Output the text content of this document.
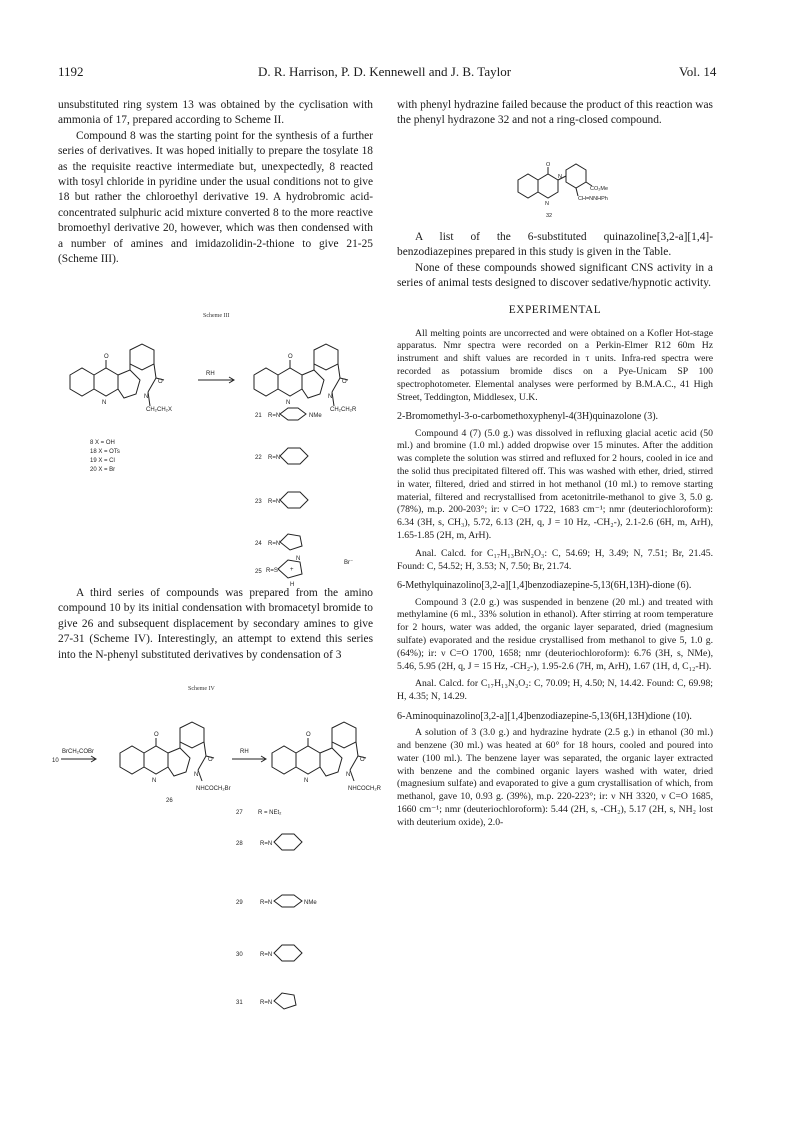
1192	D. R. Harrison, P. D. Kennewell and J. B. Taylor	Vol. 14

unsubstituted ring system 13 was obtained by the cyclisation with ammonia of 17, prepared according to Scheme II.

Compound 8 was the starting point for the synthesis of a further series of derivatives. It was hoped initially to prepare the tosylate 18 as the requisite reactive intermediate but, unexpectedly, 8 reacted with tosyl chloride in pyridine under the usual conditions not to give 18 but rather the chloroethyl derivative 19. A hydrobromic acid-concentrated sulphuric acid mixture converted 8 to the more reactive bromoethyl derivative 20, however, which was then condensed with a number of amines and imidazolidin-2-thione to give 21-25 (Scheme III).

Scheme III
O	O
O	O
N
N
N
N
CH₂CH₂X	CH₂CH₂R
RH
8 X = OH
18 X = OTs
19 X = Cl
20 X = Br
21
22
23
24
25
R=N	NMe
R=N
R=N
R=N
R=S +
N
H
Br⁻

A third series of compounds was prepared from the amino compound 10 by its initial condensation with bromacetyl bromide to give 26 and subsequent displacement by secondary amines to give 27-31 (Scheme IV). Interestingly, an attempt to extend this series into the N-phenyl substituted derivatives by condensation of 3

Scheme IV
10
BrCH₂COBr	RH
O	O
O	O
N
N
N
N
NHCOCH₂Br	NHCOCH₂R
26
27	R = NEt₂
28	R=N
29	R=N	NMe
30	R=N
31	R=N

with phenyl hydrazine failed because the product of this reaction was the phenyl hydrazone 32 and not a ring-closed compound.

O
N
N
CO₂Me
CH=NNHPh
32

A list of the 6-substituted quinazoline[3,2-a][1,4]-benzodiazepines prepared in this study is given in the Table.

None of these compounds showed significant CNS activity in a series of animal tests designed to discover sedative/hypnotic activity.

EXPERIMENTAL

All melting points are uncorrected and were obtained on a Kofler Hot-stage apparatus. Nmr spectra were recorded on a Perkin-Elmer R12 60m Hz instrument and shift values are recorded in τ units. Infra-red spectra were recorded as potassium bromide discs on a Pye-Unicam SP 100 spectrophotometer. Elemental analyses were performed by B.M.A.C., 41 High Street, Teddington, Middlesex, U.K.

2-Bromomethyl-3-o-carbomethoxyphenyl-4(3H)quinazolone (3).

Compound 4 (7) (5.0 g.) was dissolved in refluxing glacial acetic acid (50 ml.) and bromine (1.0 ml.) added dropwise over 15 minutes. After the addition was complete the solution was stirred and refluxed for 2 hours, cooled in ice and the solid thus precipitated filtered off. This was washed with ether, dried, stirred in water, filtered, dried and stirred in hot methanol (10 ml.) to remove starting material, filtered and recrystallised from acetonitrile-methanol to give 3, 5.0 g. (78%), m.p. 200-203°; ir: ν C=O 1722, 1683 cm⁻¹; nmr (deuteriochloroform): 6.34 (3H, s, CH₃), 5.72, 6.13 (2H, q, J = 10 Hz, -CH₂-), 2.1-2.6 (6H, m, ArH), 1.65-1.85 (2H, m, ArH).

Anal. Calcd. for C₁₇H₁₃BrN₂O₃: C, 54.69; H, 3.49; N, 7.51; Br, 21.45. Found: C, 54.52; H, 3.53; N, 7.50; Br, 21.74.

6-Methylquinazolino[3,2-a][1,4]benzodiazepine-5,13(6H,13H)-dione (6).

Compound 3 (2.0 g.) was suspended in benzene (20 ml.) and treated with methylamine (6 ml., 33% solution in ethanol). After stirring at room temperature for 2 hours, water was added, the organic layer separated, dried (magnesium sulfate) evaporated and the residue crystallised from methanol to give 5, 1.0 g. (64%); ir: ν C=O 1700, 1658; nmr (deuteriochloroform): 6.76 (3H, s, NMe), 5.46, 5.95 (2H, q, J = 15 Hz, -CH₂-), 1.95-2.6 (7H, m, ArH), 1.67 (1H, d, C₁₂-H).

Anal. Calcd. for C₁₇H₁₃N₃O₂: C, 70.09; H, 4.50; N, 14.42. Found: C, 69.98; H, 4.35; N, 14.29.

6-Aminoquinazolino[3,2-a][1,4]benzodiazepine-5,13(6H,13H)dione (10).

A solution of 3 (3.0 g.) and hydrazine hydrate (2.5 g.) in ethanol (30 ml.) and benzene (30 ml.) was heated at 60° for 18 hours, cooled and poured into water (100 ml.). The benzene layer was separated, the organic layer extracted with benzene and the combined organic layers washed with water, dried (magnesium sulfate) and evaporated to give a gum crystallisation of which, from methanol, gave 10, 0.93 g. (39%), m.p. 220-223°; ir: ν NH 3320, ν C=O 1685, 1660 cm⁻¹; nmr (deuteriochloroform): 5.44 (2H, s, -CH₂), 5.17 (2H, s, NH₂ lost with deuterium oxide), 2.0-
